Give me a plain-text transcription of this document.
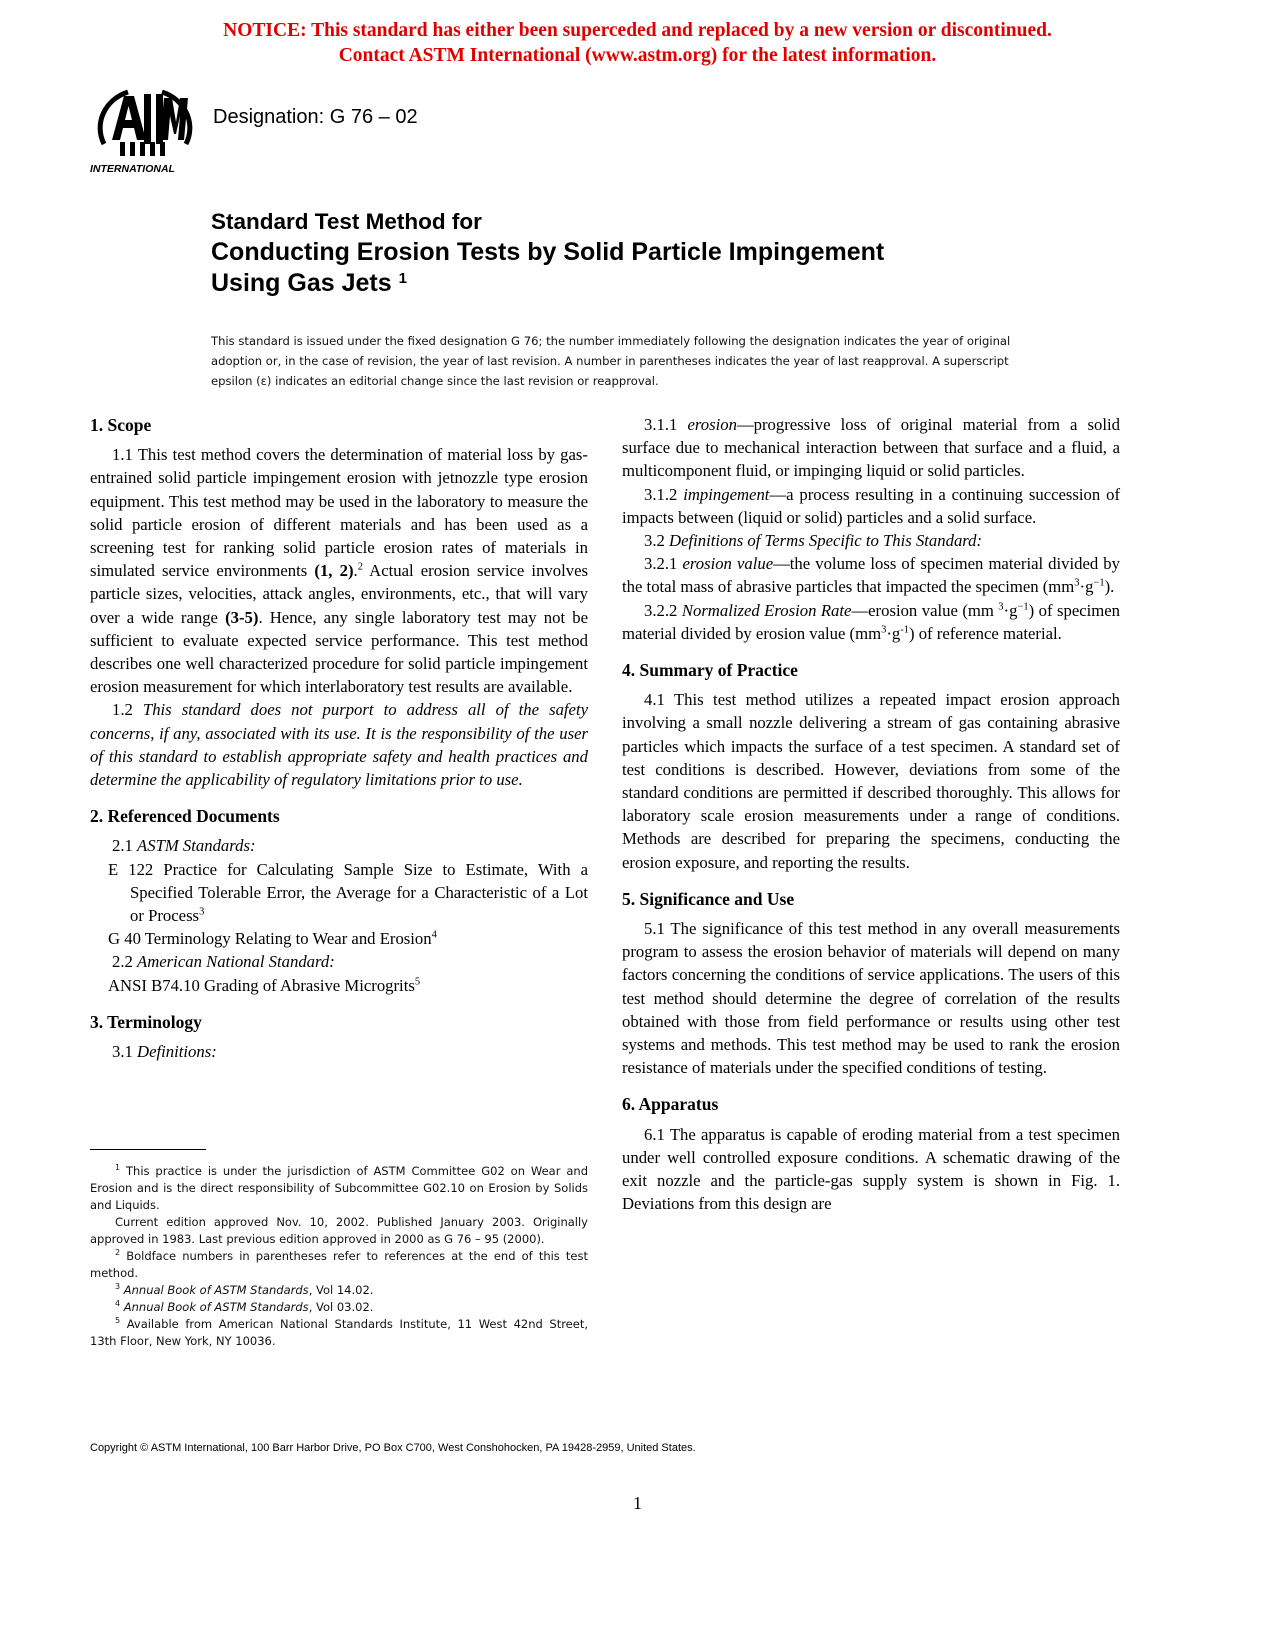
NOTICE: This standard has either been superceded and replaced by a new version or discontinued.
Contact ASTM International (www.astm.org) for the latest information.
INTERNATIONAL
Designation: G 76 – 02
Standard Test Method for
Conducting Erosion Tests by Solid Particle Impingement
Using Gas Jets $^1$
This standard is issued under the fixed designation G 76; the number immediately following the designation indicates the year of original adoption or, in the case of revision, the year of last revision. A number in parentheses indicates the year of last reapproval. A superscript epsilon (ε) indicates an editorial change since the last revision or reapproval.
1. Scope

1.1 This test method covers the determination of material loss by gas-entrained solid particle impingement erosion with jetnozzle type erosion equipment. This test method may be used in the laboratory to measure the solid particle erosion of different materials and has been used as a screening test for ranking solid particle erosion rates of materials in simulated service environments (1, 2).$^2$ Actual erosion service involves particle sizes, velocities, attack angles, environments, etc., that will vary over a wide range (3-5). Hence, any single laboratory test may not be sufficient to evaluate expected service performance. This test method describes one well characterized procedure for solid particle impingement erosion measurement for which interlaboratory test results are available.

1.2 This standard does not purport to address all of the safety concerns, if any, associated with its use. It is the responsibility of the user of this standard to establish appropriate safety and health practices and determine the applicability of regulatory limitations prior to use.

2. Referenced Documents

2.1 ASTM Standards:

E 122 Practice for Calculating Sample Size to Estimate, With a Specified Tolerable Error, the Average for a Characteristic of a Lot or Process$^3$

G 40 Terminology Relating to Wear and Erosion$^4$

2.2 American National Standard:

ANSI B74.10 Grading of Abrasive Microgrits$^5$

3. Terminology

3.1 Definitions:

$^1$ This practice is under the jurisdiction of ASTM Committee G02 on Wear and Erosion and is the direct responsibility of Subcommittee G02.10 on Erosion by Solids and Liquids.

Current edition approved Nov. 10, 2002. Published January 2003. Originally approved in 1983. Last previous edition approved in 2000 as G 76 – 95 (2000).

$^2$ Boldface numbers in parentheses refer to references at the end of this test method.

$^3$ Annual Book of ASTM Standards, Vol 14.02.

$^4$ Annual Book of ASTM Standards, Vol 03.02.

$^5$ Available from American National Standards Institute, 11 West 42nd Street, 13th Floor, New York, NY 10036.

3.1.1 erosion—progressive loss of original material from a solid surface due to mechanical interaction between that surface and a fluid, a multicomponent fluid, or impinging liquid or solid particles.

3.1.2 impingement—a process resulting in a continuing succession of impacts between (liquid or solid) particles and a solid surface.

3.2 Definitions of Terms Specific to This Standard:

3.2.1 erosion value—the volume loss of specimen material divided by the total mass of abrasive particles that impacted the specimen $(mm^3\cdot g^{-1})$.

3.2.2 Normalized Erosion Rate—erosion value (mm $^3\cdot g^{-1}$) of specimen material divided by erosion value $(mm^3\cdot g^{-1})$ of reference material.

4. Summary of Practice

4.1 This test method utilizes a repeated impact erosion approach involving a small nozzle delivering a stream of gas containing abrasive particles which impacts the surface of a test specimen. A standard set of test conditions is described. However, deviations from some of the standard conditions are permitted if described thoroughly. This allows for laboratory scale erosion measurements under a range of conditions. Methods are described for preparing the specimens, conducting the erosion exposure, and reporting the results.

5. Significance and Use

5.1 The significance of this test method in any overall measurements program to assess the erosion behavior of materials will depend on many factors concerning the conditions of service applications. The users of this test method should determine the degree of correlation of the results obtained with those from field performance or results using other test systems and methods. This test method may be used to rank the erosion resistance of materials under the specified conditions of testing.

6. Apparatus

6.1 The apparatus is capable of eroding material from a test specimen under well controlled exposure conditions. A schematic drawing of the exit nozzle and the particle-gas supply system is shown in Fig. 1. Deviations from this design are

Copyright © ASTM International, 100 Barr Harbor Drive, PO Box C700, West Conshohocken, PA 19428-2959, United States.
1
